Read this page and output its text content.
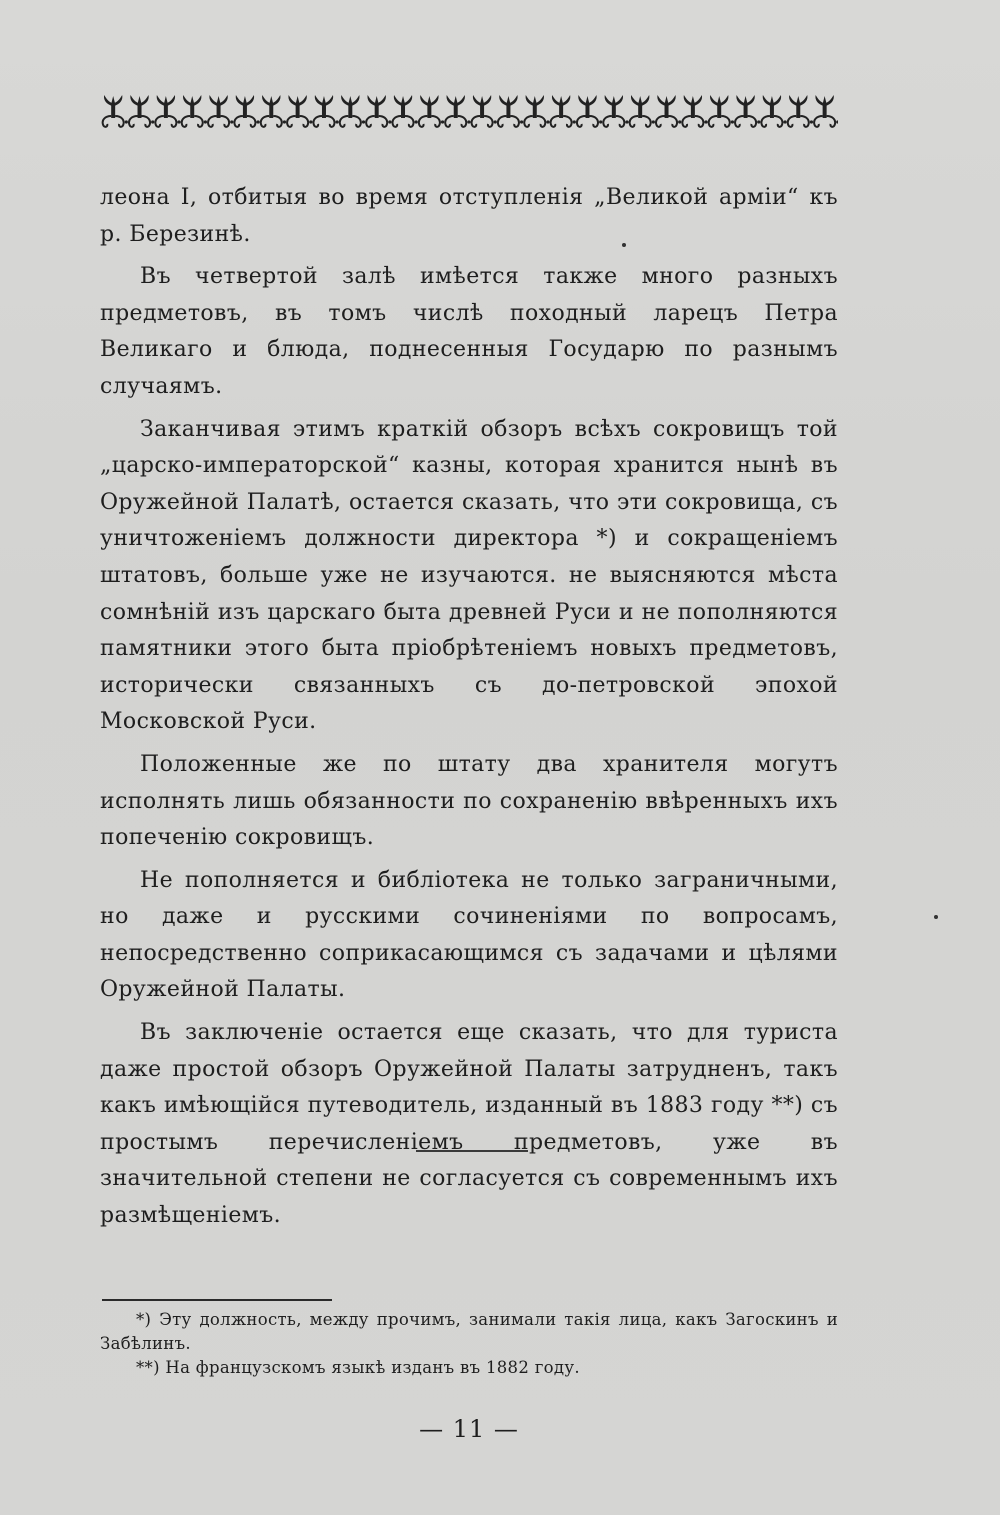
леона I, отбитыя во время отступленія „Великой арміи“ къ р. Березинѣ.

Въ четвертой залѣ имѣется также много разныхъ предметовъ, въ томъ числѣ походный ларецъ Петра Великаго и блюда, поднесенныя Государю по разнымъ случаямъ.

Заканчивая этимъ краткій обзоръ всѣхъ сокровищъ той „царско-императорской“ казны, которая хранится нынѣ въ Оружейной Палатѣ, остается сказать, что эти сокровища, съ уничтоженіемъ должности директора *) и сокращеніемъ штатовъ, больше уже не изучаются. не выясняются мѣста сомнѣній изъ царскаго быта древней Руси и не пополняются памятники этого быта пріобрѣтеніемъ новыхъ предметовъ, исторически связанныхъ съ до-петровской эпохой Московской Руси.

Положенные же по штату два хранителя могутъ исполнять лишь обязанности по сохраненію ввѣренныхъ ихъ попеченію сокровищъ.

Не пополняется и библіотека не только заграничными, но даже и русскими сочиненіями по вопросамъ, непосредственно соприкасающимся съ задачами и цѣлями Оружейной Палаты.

Въ заключеніе остается еще сказать, что для туриста даже простой обзоръ Оружейной Палаты затрудненъ, такъ какъ имѣющійся путеводитель, изданный въ 1883 году **) съ простымъ перечисленіемъ предметовъ, уже въ значительной степени не согласуется съ современнымъ ихъ размѣщеніемъ.

*) Эту должность, между прочимъ, занимали такія лица, какъ Загоскинъ и Забѣлинъ.

**) На французскомъ языкѣ изданъ въ 1882 году.

— 11 —
